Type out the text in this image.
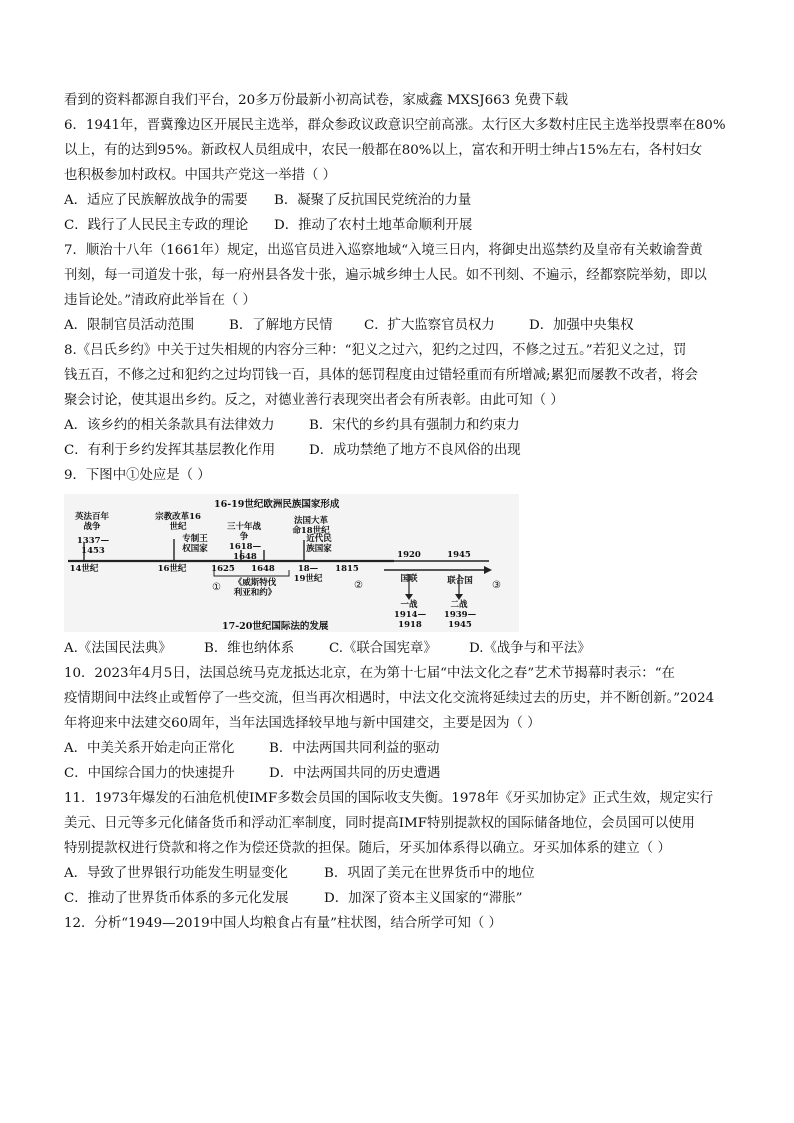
看到的资料都源自我们平台，20多万份最新小初高试卷，家威鑫 MXSJ663 免费下载
6．1941年，晋冀豫边区开展民主选举，群众参政议政意识空前高涨。太行区大多数村庄民主选举投票率在80%
以上，有的达到95%。新政权人员组成中，农民一般都在80%以上，富农和开明士绅占15%左右，各村妇女
也积极参加村政权。中国共产党这一举措（ ）
A．适应了民族解放战争的需要	B．凝聚了反抗国民党统治的力量
C．践行了人民民主专政的理论	D．推动了农村土地革命顺利开展
7．顺治十八年（1661年）规定，出巡官员进入巡察地域“入境三日内，将御史出巡禁约及皇帝有关敕谕誊黄
刊刻，每一司道发十张，每一府州县各发十张，遍示城乡绅士人民。如不刊刻、不遍示，经都察院举劾，即以
违旨论处。”清政府此举旨在（ ）
A．限制官员活动范围	B．了解地方民情	C．扩大监察官员权力	D．加强中央集权
8.《吕氏乡约》中关于过失相规的内容分三种：“犯义之过六，犯约之过四，不修之过五。”若犯义之过，罚
钱五百，不修之过和犯约之过均罚钱一百，具体的惩罚程度由过错轻重而有所增减;累犯而屡教不改者，将会
聚会讨论，使其退出乡约。反之，对德业善行表现突出者会有所表彰。由此可知（ ）
A．该乡约的相关条款具有法律效力	B．宋代的乡约具有强制力和约束力
C．有利于乡约发挥其基层教化作用	D．成功禁绝了地方不良风俗的出现
9．下图中①处应是（ ）
16-19世纪欧洲民族国家形成
英法百年战争
1337—1453
宗教改革16世纪
专制王权国家
三十年战争
1618—1648
法国大革命18世纪
近代民族国家
14世纪	16世纪	1625 1648	18—19世纪
1815
《威斯特伐利亚和约》
①	②	③
1920	1945
国联	联合国
一战
1914—1918
二战
1939—1945
17-20世纪国际法的发展
A.《法国民法典》	B．维也纳体系	C.《联合国宪章》	D.《战争与和平法》
10．2023年4月5日，法国总统马克龙抵达北京，在为第十七届“中法文化之春”艺术节揭幕时表示：“在
疫情期间中法终止或暂停了一些交流，但当再次相遇时，中法文化交流将延续过去的历史，并不断创新。”2024
年将迎来中法建交60周年，当年法国选择较早地与新中国建交，主要是因为（ ）
A．中美关系开始走向正常化	B．中法两国共同利益的驱动
C．中国综合国力的快速提升	D．中法两国共同的历史遭遇
11．1973年爆发的石油危机使IMF多数会员国的国际收支失衡。1978年《牙买加协定》正式生效，规定实行
美元、日元等多元化储备货币和浮动汇率制度，同时提高IMF特别提款权的国际储备地位，会员国可以使用
特别提款权进行贷款和将之作为偿还贷款的担保。随后，牙买加体系得以确立。牙买加体系的建立（ ）
A．导致了世界银行功能发生明显变化	B．巩固了美元在世界货币中的地位
C．推动了世界货币体系的多元化发展	D．加深了资本主义国家的“滞胀”
12．分析“1949—2019中国人均粮食占有量”柱状图，结合所学可知（ ）
